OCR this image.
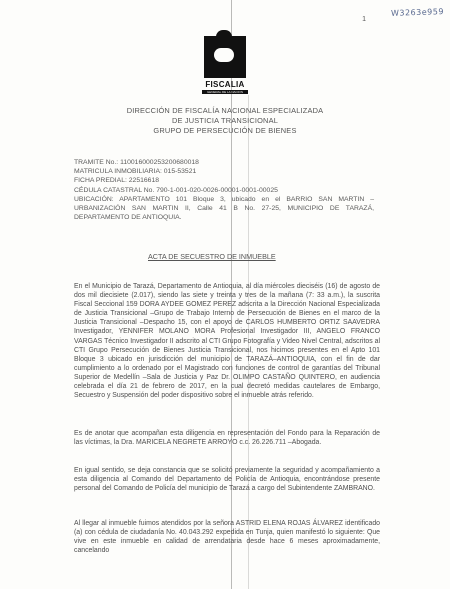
W3263e959
1
FISCALIA
GENERAL DE LA NACION
DIRECCIÓN DE FISCALÍA NACIONAL ESPECIALIZADA
DE JUSTICIA TRANSICIONAL
GRUPO DE PERSECUCIÓN DE BIENES
TRAMITE No.: 110016000253200680018
MATRICULA INMOBILIARIA: 015-53521
FICHA PREDIAL: 22516618
CÉDULA CATASTRAL No. 790-1-001-020-0026-00001-0001-00025
UBICACIÓN: APARTAMENTO 101 Bloque 3, ubicado en el BARRIO SAN MARTIN –URBANIZACIÓN SAN MARTIN II, Calle 41 B No. 27-25, MUNICIPIO DE TARAZÁ, DEPARTAMENTO DE ANTIOQUIA.
ACTA DE SECUESTRO DE INMUEBLE
En el Municipio de Tarazá, Departamento de Antioquia, al día miércoles dieciséis (16) de agosto de dos mil diecisiete (2.017), siendo las siete y treinta y tres de la mañana (7: 33 a.m.), la suscrita Fiscal Seccional 159 DORA AYDEE GOMEZ PEREZ adscrita a la Dirección Nacional Especializada de Justicia Transicional –Grupo de Trabajo Interno de Persecución de Bienes en el marco de la Justicia Transicional –Despacho 15, con el apoyo de CARLOS HUMBERTO ORTIZ SAAVEDRA Investigador, YENNIFER MOLANO MORA Profesional Investigador III, ANGELO FRANCO VARGAS Técnico Investigador II adscrito al CTI Grupo Fotografía y Video Nivel Central, adscritos al CTI Grupo Persecución de Bienes Justicia Transicional, nos hicimos presentes en el Apto 101 Bloque 3 ubicado en jurisdicción del municipio de TARAZÁ–ANTIOQUIA, con el fin de dar cumplimiento a lo ordenado por el Magistrado con funciones de control de garantías del Tribunal Superior de Medellín –Sala de Justicia y Paz Dr. OLIMPO CASTAÑO QUINTERO, en audiencia celebrada el día 21 de febrero de 2017, en la cual decretó medidas cautelares de Embargo, Secuestro y Suspensión del poder dispositivo sobre el inmueble atrás referido.
Es de anotar que acompañan esta diligencia en representación del Fondo para la Reparación de las víctimas, la Dra. MARICELA NEGRETE ARROYO c.c. 26.226.711 –Abogada.
En igual sentido, se deja constancia que se solicitó previamente la seguridad y acompañamiento a esta diligencia al Comando del Departamento de Policía de Antioquia, encontrándose presente personal del Comando de Policía del municipio de Tarazá a cargo del Subintendente ZAMBRANO.
Al llegar al inmueble fuimos atendidos por la señora ASTRID ELENA ROJAS ÁLVAREZ identificado (a) con cédula de ciudadanía No. 40.043.292 expedida en Tunja, quien manifestó lo siguiente: Que vive en este inmueble en calidad de arrendataria desde hace 6 meses aproximadamente, cancelando
